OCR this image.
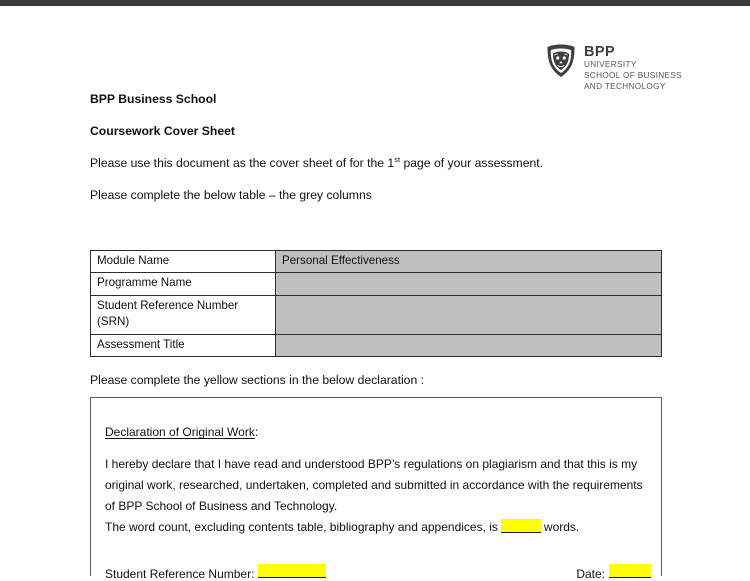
BPP
UNIVERSITY
SCHOOL OF BUSINESS
AND TECHNOLOGY
BPP Business School
Coursework Cover Sheet
Please use this document as the cover sheet of for the 1st page of your assessment.
Please complete the below table – the grey columns
Module Name	Personal Effectiveness
Programme Name	
Student Reference Number (SRN)	
Assessment Title	
Please complete the yellow sections in the below declaration :
Declaration of Original Work:
I hereby declare that I have read and understood BPP’s regulations on plagiarism and that this is my original work, researched, undertaken, completed and submitted in accordance with the requirements of BPP School of Business and Technology.
The word count, excluding contents table, bibliography and appendices, is	words.
Student Reference Number:	Date:
